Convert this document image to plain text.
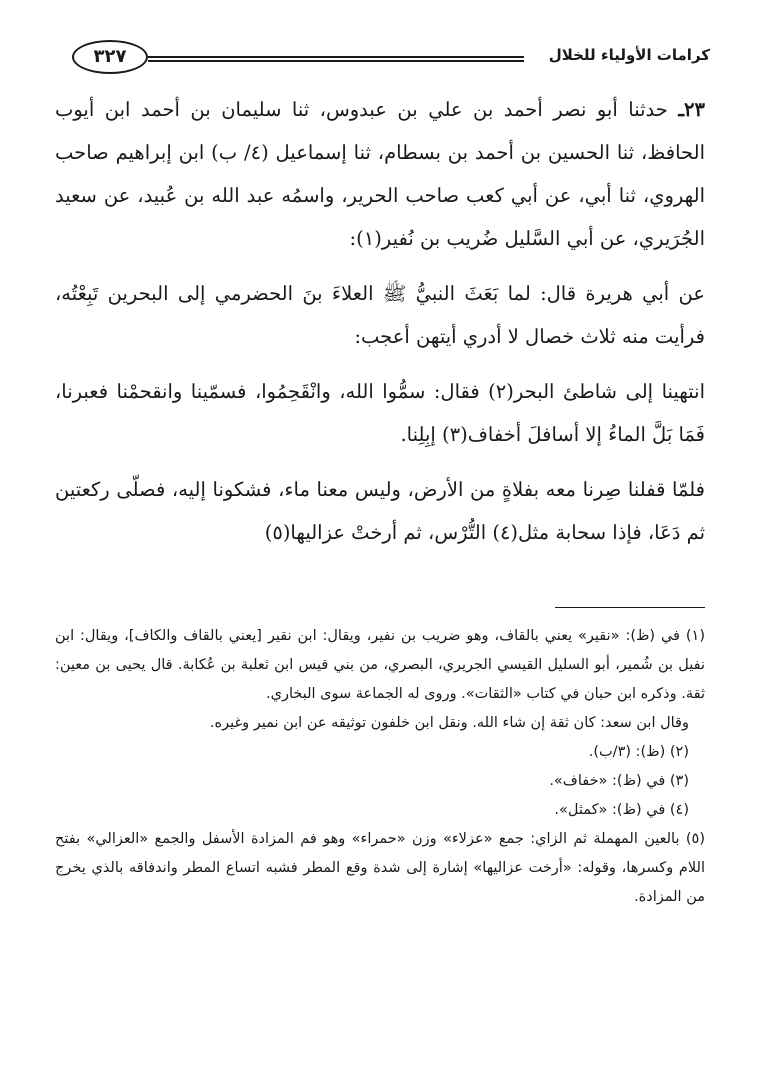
كرامات الأولياء للخلال
٣٢٧

٢٣ـ حدثنا أبو نصر أحمد بن علي بن عبدوس، ثنا سليمان بن أحمد ابن أيوب الحافظ، ثنا الحسين بن أحمد بن بسطام، ثنا إسماعيل (٤/ ب) ابن إبراهيم صاحب الهروي، ثنا أبي، عن أبي كعب صاحب الحرير، واسمُه عبد الله بن عُبيد، عن سعيد الجُرَيري، عن أبي السَّليل ضُريب بن نُفير(١):

عن أبي هريرة قال: لما بَعَثَ النبيُّ ﷺ العلاءَ بنَ الحضرمي إلى البحرين تَبِعْتُه، فرأيت منه ثلاث خصال لا أدري أيتهن أعجب:

انتهينا إلى شاطئ البحر(٢) فقال: سمُّوا الله، وانْقَحِمُوا، فسمّينا وانقحمْنا فعبرنا، فَمَا بَلَّ الماءُ إلا أسافلَ أخفاف(٣) إبِلِنا.

فلمّا قفلنا صِرنا معه بفلاةٍ من الأرض، وليس معنا ماء، فشكونا إليه، فصلّى ركعتين ثم دَعَا، فإذا سحابة مثل(٤) التُّرْس، ثم أرختْ عزاليها(٥)

(١) في (ظ): «نقير» يعني بالقاف، وهو ضريب بن نفير، ويقال: ابن نقير [يعني بالقاف والكاف]، ويقال: ابن نفيل بن شُمير، أبو السليل القيسي الجريري، البصري، من بني قيس ابن ثعلبة بن عُكابة. قال يحيى بن معين: ثقة. وذكره ابن حبان في كتاب «الثقات». وروى له الجماعة سوى البخاري.

وقال ابن سعد: كان ثقة إن شاء الله. ونقل ابن خلفون توثيقه عن ابن نمير وغيره.

(٢) (ظ): (٣/ب).

(٣) في (ظ): «خفاف».

(٤) في (ظ): «كمثل».

(٥) بالعين المهملة ثم الزاي: جمع «عزلاء» وزن «حمراء» وهو فم المزادة الأسفل والجمع «العزالي» بفتح اللام وكسرها، وقوله: «أرخت عزاليها» إشارة إلى شدة وقع المطر فشبه اتساع المطر واندفاقه بالذي يخرج من المزادة.
